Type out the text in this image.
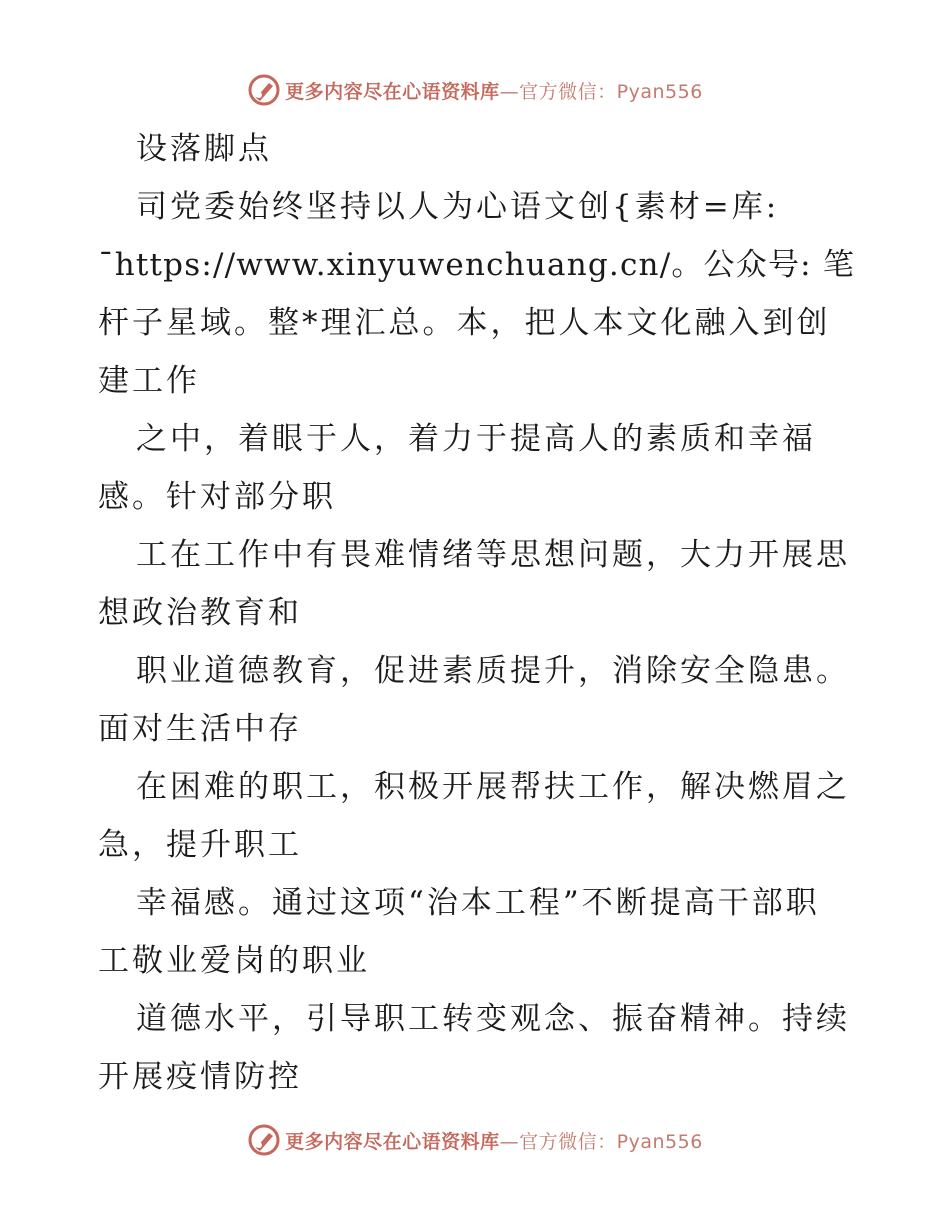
更多内容尽在心语资料库—官方微信：Pyan556
设落脚点
司党委始终坚持以人为心语文创{素材=库:
¯https://www.xinyuwenchuang.cn/。公众号: 笔
杆子星域。整*理汇总。本，把人本文化融入到创
建工作
之中，着眼于人，着力于提高人的素质和幸福
感。针对部分职
工在工作中有畏难情绪等思想问题，大力开展思
想政治教育和
职业道德教育，促进素质提升，消除安全隐患。
面对生活中存
在困难的职工，积极开展帮扶工作，解决燃眉之
急，提升职工
幸福感。通过这项“治本工程”不断提高干部职
工敬业爱岗的职业
道德水平，引导职工转变观念、振奋精神。持续
开展疫情防控
更多内容尽在心语资料库—官方微信：Pyan556
